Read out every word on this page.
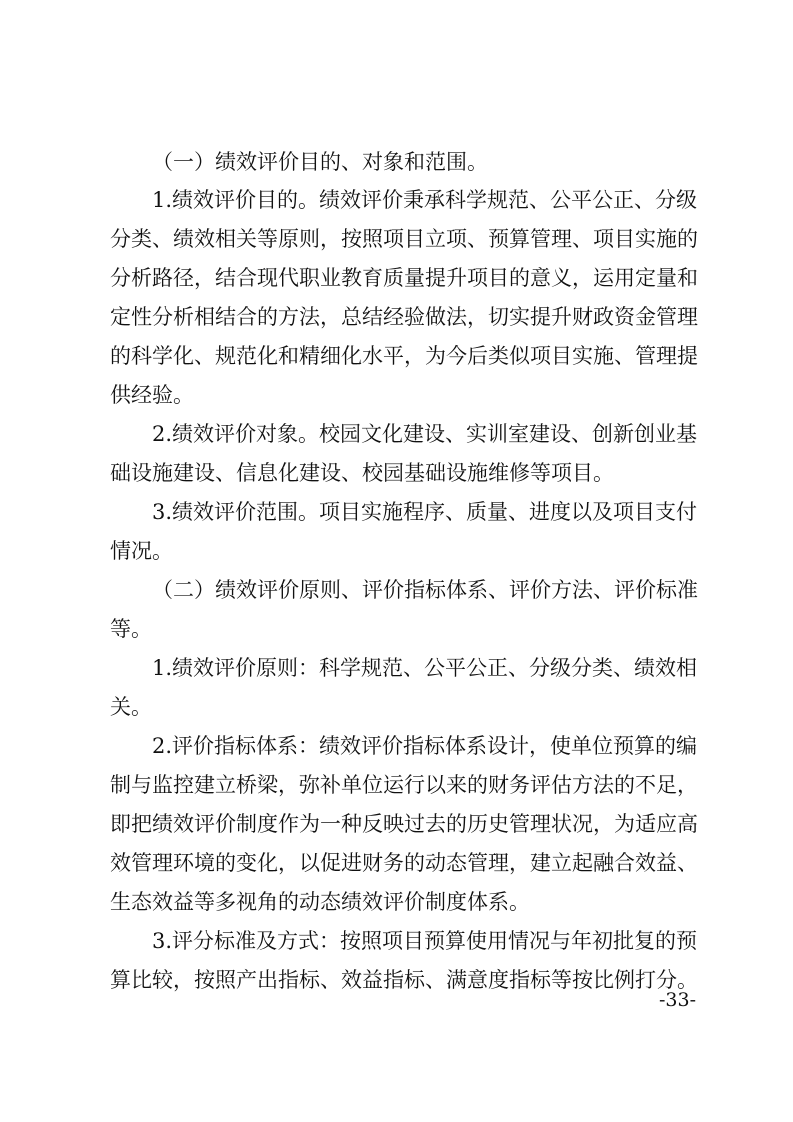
（一）绩效评价目的、对象和范围。
1.绩效评价目的。绩效评价秉承科学规范、公平公正、分级
分类、绩效相关等原则，按照项目立项、预算管理、项目实施的
分析路径，结合现代职业教育质量提升项目的意义，运用定量和
定性分析相结合的方法，总结经验做法，切实提升财政资金管理
的科学化、规范化和精细化水平，为今后类似项目实施、管理提
供经验。
2.绩效评价对象。校园文化建设、实训室建设、创新创业基
础设施建设、信息化建设、校园基础设施维修等项目。
3.绩效评价范围。项目实施程序、质量、进度以及项目支付
情况。
（二）绩效评价原则、评价指标体系、评价方法、评价标准
等。
1.绩效评价原则：科学规范、公平公正、分级分类、绩效相
关。
2.评价指标体系：绩效评价指标体系设计，使单位预算的编
制与监控建立桥梁，弥补单位运行以来的财务评估方法的不足，
即把绩效评价制度作为一种反映过去的历史管理状况，为适应高
效管理环境的变化，以促进财务的动态管理，建立起融合效益、
生态效益等多视角的动态绩效评价制度体系。
3.评分标准及方式：按照项目预算使用情况与年初批复的预
算比较，按照产出指标、效益指标、满意度指标等按比例打分。
-33-
